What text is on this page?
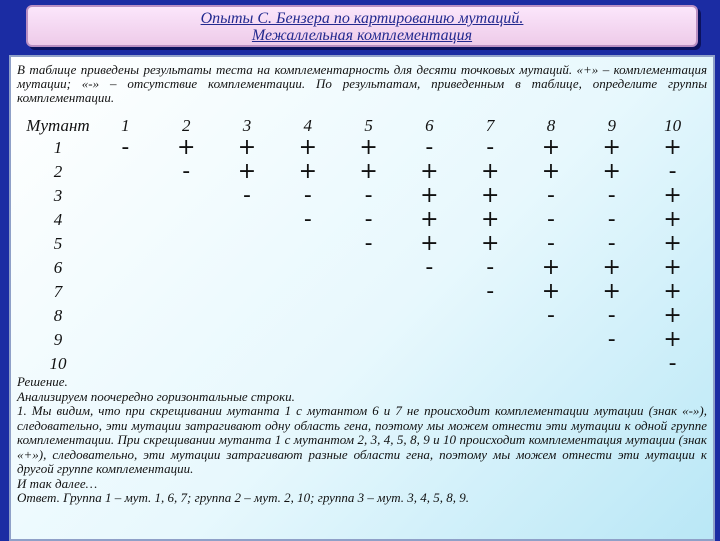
Опыты С. Бензера по картированию мутаций.
Межаллельная комплементация
В таблице приведены результаты теста на комплементарность для десяти точковых мутаций. «+» – комплементация мутации; «-» – отсутствие комплементации. По результатам, приведенным в таблице, определите группы комплементации.
Мутант	1	2	3	4	5	6	7	8	9	10
1	-	+	+	+	+	-	-	+	+	+
2		-	+	+	+	+	+	+	+	-
3			-	-	-	+	+	-	-	+
4				-	-	+	+	-	-	+
5					-	+	+	-	-	+
6						-	-	+	+	+
7							-	+	+	+
8								-	-	+
9									-	+
10										-
Решение.
Анализируем поочередно горизонтальные строки.
1. Мы видим, что при скрещивании мутанта 1 с мутантом 6 и 7 не происходит комплементации мутации (знак «-»), следовательно, эти мутации затрагивают одну область гена, поэтому мы можем отнести эти мутации к одной группе комплементации. При скрещивании мутанта 1 с мутантом 2, 3, 4, 5, 8, 9 и 10 происходит комплементация мутации (знак «+»), следовательно, эти мутации затрагивают разные области гена, поэтому мы можем отнести эти мутации к другой группе комплементации.
И так далее…
Ответ. Группа 1 – мут. 1, 6, 7; группа 2 – мут. 2, 10; группа 3 – мут. 3, 4, 5, 8, 9.
